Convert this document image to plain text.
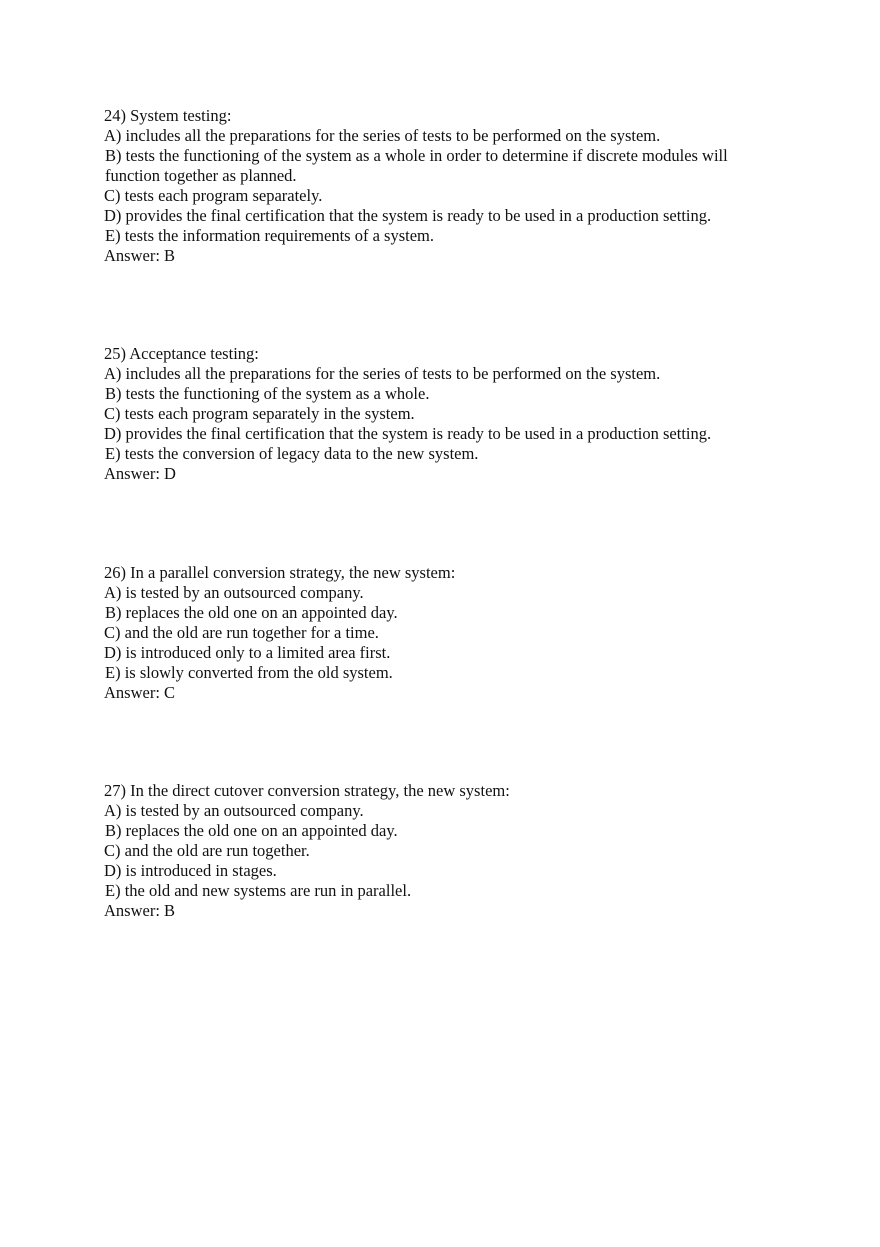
24) System testing:
A) includes all the preparations for the series of tests to be performed on the system.
B) tests the functioning of the system as a whole in order to determine if discrete modules will function together as planned.
C) tests each program separately.
D) provides the final certification that the system is ready to be used in a production setting.
E) tests the information requirements of a system.
Answer: B
25) Acceptance testing:
A) includes all the preparations for the series of tests to be performed on the system.
B) tests the functioning of the system as a whole.
C) tests each program separately in the system.
D) provides the final certification that the system is ready to be used in a production setting.
E) tests the conversion of legacy data to the new system.
Answer: D
26) In a parallel conversion strategy, the new system:
A) is tested by an outsourced company.
B) replaces the old one on an appointed day.
C) and the old are run together for a time.
D) is introduced only to a limited area first.
E) is slowly converted from the old system.
Answer: C
27) In the direct cutover conversion strategy, the new system:
A) is tested by an outsourced company.
B) replaces the old one on an appointed day.
C) and the old are run together.
D) is introduced in stages.
E) the old and new systems are run in parallel.
Answer: B
